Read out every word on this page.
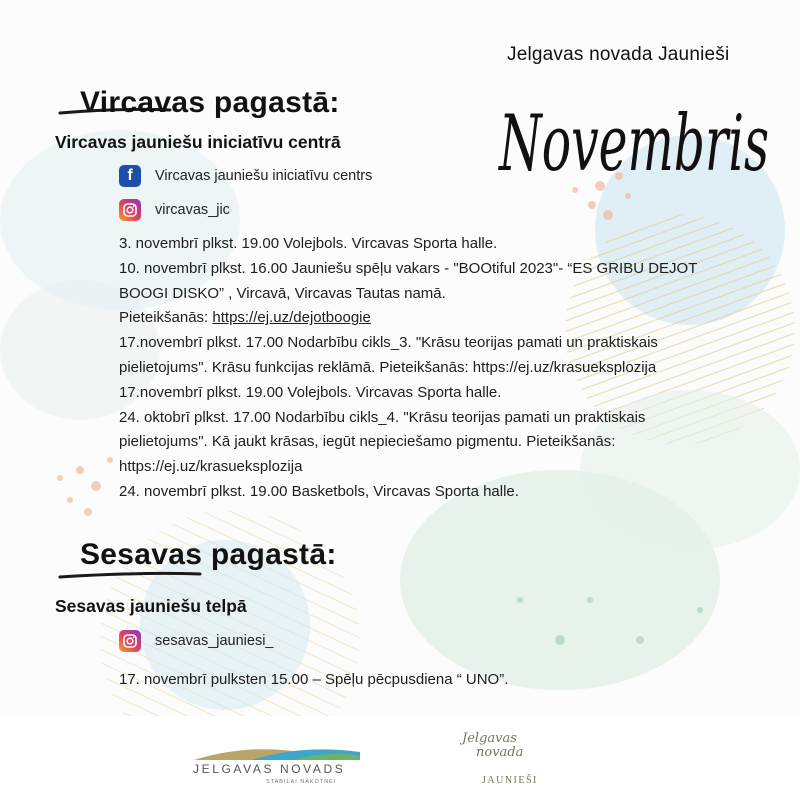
Jelgavas novada Jaunieši
Novembris
Vircavas pagastā:
Vircavas jauniešu iniciatīvu centrā
f	Vircavas jauniešu iniciatīvu centrs
vircavas_jic
3. novembrī plkst. 19.00 Volejbols. Vircavas Sporta halle.
10. novembrī plkst. 16.00 Jauniešu spēļu vakars - "BOOtiful 2023"- “ES GRIBU DEJOT
BOOGI DISKO” , Vircavā, Vircavas Tautas namā.
Pieteikšanās: https://ej.uz/dejotboogie
17.novembrī plkst. 17.00 Nodarbību cikls_3. "Krāsu teorijas pamati un praktiskais
pielietojums". Krāsu funkcijas reklāmā. Pieteikšanās: https://ej.uz/krasueksplozija
17.novembrī plkst. 19.00 Volejbols. Vircavas Sporta halle.
24. oktobrī plkst. 17.00 Nodarbību cikls_4. "Krāsu teorijas pamati un praktiskais
pielietojums". Kā jaukt krāsas, iegūt nepieciešamo pigmentu. Pieteikšanās:
https://ej.uz/krasueksplozija
24. novembrī plkst. 19.00 Basketbols, Vircavas Sporta halle.
Sesavas pagastā:
Sesavas jauniešu telpā
sesavas_jauniesi_
17. novembrī pulksten 15.00 – Spēļu pēcpusdiena “ UNO”.
JELGAVAS NOVADS
STABILAI NĀKOTNEI
Jelgavas
novada
JAUNIEŠI
